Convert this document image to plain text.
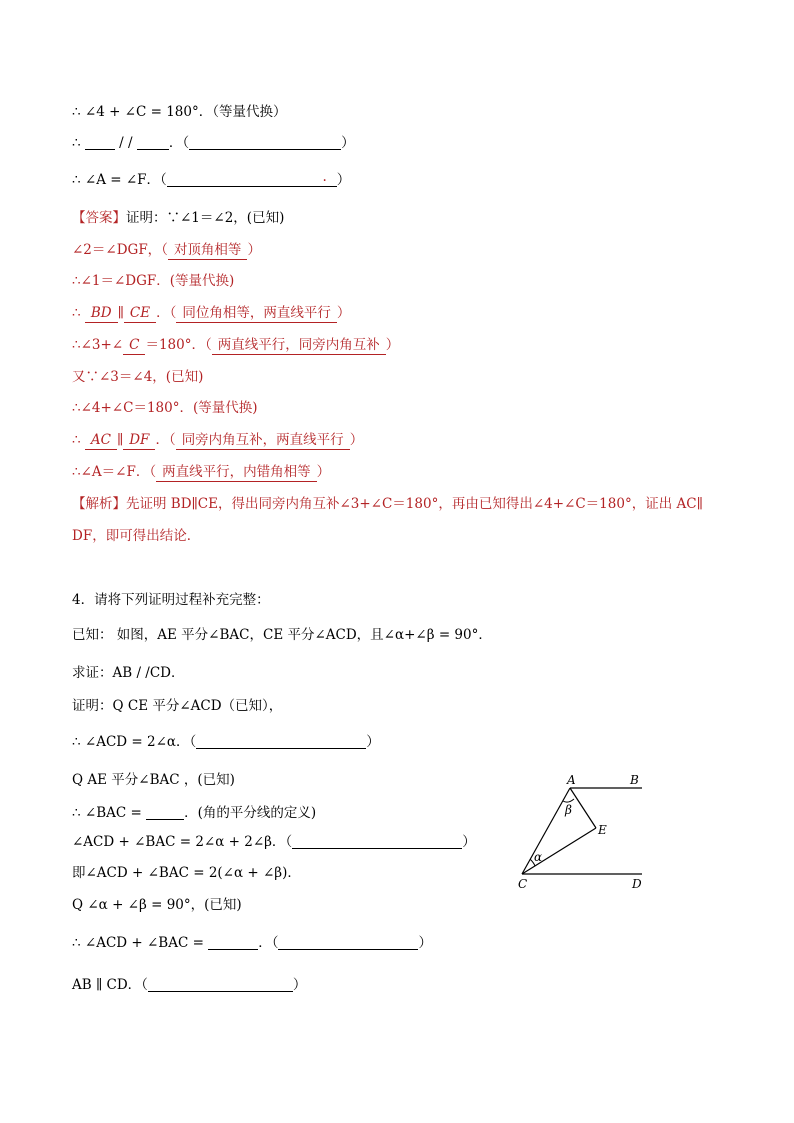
∴ ∠4 + ∠C = 180°．（等量代换）
∴  / / ．（	）
∴ ∠A = ∠F．（	. ）
【答案】证明：∵∠1＝∠2，(已知)
∠2＝∠DGF，（ 对顶角相等 ）
∴∠1＝∠DGF．(等量代换)
∴ BD ∥ CE ．（ 同位角相等，两直线平行 ）
∴∠3+∠ C ＝180°．（ 两直线平行，同旁内角互补 ）
又∵∠3＝∠4，(已知)
∴∠4+∠C＝180°．(等量代换)
∴ AC ∥ DF ．（ 同旁内角互补，两直线平行 ）
∴∠A＝∠F．（ 两直线平行，内错角相等 ）
【解析】先证明 BD∥CE，得出同旁内角互补∠3+∠C＝180°，再由已知得出∠4+∠C＝180°，证出 AC∥
DF，即可得出结论．
4．请将下列证明过程补充完整：
已知： 如图，AE 平分∠BAC，CE 平分∠ACD，且∠α+∠β = 90°．
求证：AB / /CD．
证明：Q CE 平分∠ACD（已知），
∴ ∠ACD = 2∠α．（	）
Q AE 平分∠BAC ，(已知)
∴ ∠BAC =	．(角的平分线的定义)
∠ACD + ∠BAC = 2∠α + 2∠β．（	）
即∠ACD + ∠BAC = 2(∠α + ∠β)．
Q ∠α + ∠β = 90°，(已知)
∴ ∠ACD + ∠BAC =	．（	）
AB ∥ CD．（	）
A	B
C	D
E
β
α
